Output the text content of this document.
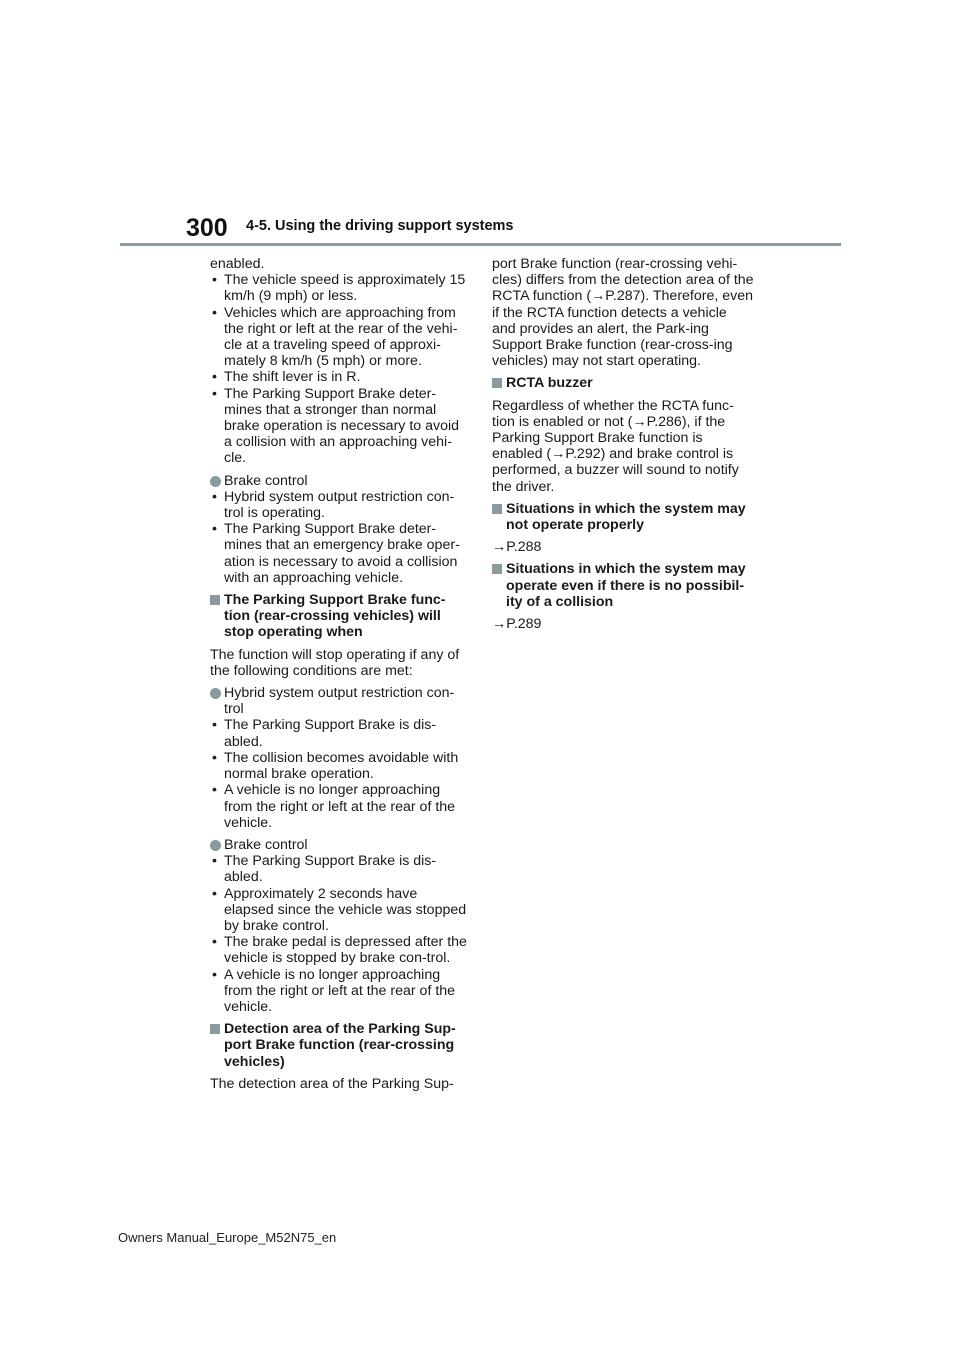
300 4-5. Using the driving support systems

enabled.

• The vehicle speed is approximately 15 km/h (9 mph) or less.

• Vehicles which are approaching from the right or left at the rear of the vehi-cle at a traveling speed of approxi-mately 8 km/h (5 mph) or more.

• The shift lever is in R.

• The Parking Support Brake deter-mines that a stronger than normal brake operation is necessary to avoid a collision with an approaching vehi-cle.

Brake control

• Hybrid system output restriction con-trol is operating.

• The Parking Support Brake deter-mines that an emergency brake oper-ation is necessary to avoid a collision with an approaching vehicle.

The Parking Support Brake func-tion (rear-crossing vehicles) will stop operating when

The function will stop operating if any of the following conditions are met:

Hybrid system output restriction con-trol

• The Parking Support Brake is dis-abled.

• The collision becomes avoidable with normal brake operation.

• A vehicle is no longer approaching from the right or left at the rear of the vehicle.

Brake control

• The Parking Support Brake is dis-abled.

• Approximately 2 seconds have elapsed since the vehicle was stopped by brake control.

• The brake pedal is depressed after the vehicle is stopped by brake con-trol.

• A vehicle is no longer approaching from the right or left at the rear of the vehicle.

Detection area of the Parking Sup-port Brake function (rear-crossing vehicles)

The detection area of the Parking Sup-

port Brake function (rear-crossing vehi-cles) differs from the detection area of the RCTA function (→P.287). Therefore, even if the RCTA function detects a vehicle and provides an alert, the Park-ing Support Brake function (rear-cross-ing vehicles) may not start operating.

RCTA buzzer

Regardless of whether the RCTA func-tion is enabled or not (→P.286), if the Parking Support Brake function is enabled (→P.292) and brake control is performed, a buzzer will sound to notify the driver.

Situations in which the system may not operate properly

→P.288

Situations in which the system may operate even if there is no possibil-ity of a collision

→P.289

Owners Manual_Europe_M52N75_en
